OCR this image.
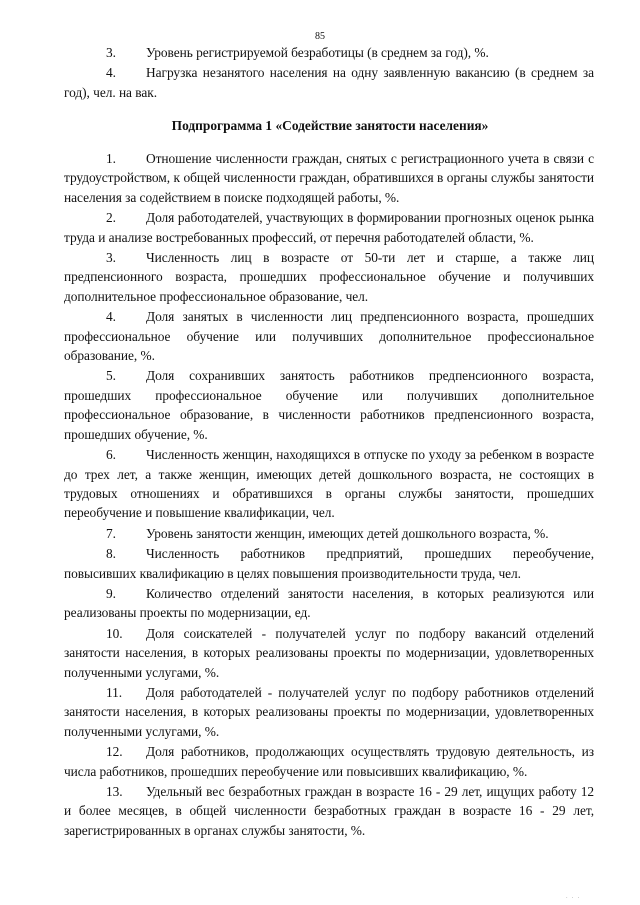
85

3. Уровень регистрируемой безработицы (в среднем за год), %.

4. Нагрузка незанятого населения на одну заявленную вакансию (в среднем за год), чел. на вак.

Подпрограмма 1 «Содействие занятости населения»

1. Отношение численности граждан, снятых с регистрационного учета в связи с трудоустройством, к общей численности граждан, обратившихся в органы службы занятости населения за содействием в поиске подходящей работы, %.

2. Доля работодателей, участвующих в формировании прогнозных оценок рынка труда и анализе востребованных профессий, от перечня работодателей области, %.

3. Численность лиц в возрасте от 50-ти лет и старше, а также лиц предпенсионного возраста, прошедших профессиональное обучение и получивших дополнительное профессиональное образование, чел.

4. Доля занятых в численности лиц предпенсионного возраста, прошедших профессиональное обучение или получивших дополнительное профессиональное образование, %.

5. Доля сохранивших занятость работников предпенсионного возраста, прошедших профессиональное обучение или получивших дополнительное профессиональное образование, в численности работников предпенсионного возраста, прошедших обучение, %.

6. Численность женщин, находящихся в отпуске по уходу за ребенком в возрасте до трех лет, а также женщин, имеющих детей дошкольного возраста, не состоящих в трудовых отношениях и обратившихся в органы службы занятости, прошедших переобучение и повышение квалификации, чел.

7. Уровень занятости женщин, имеющих детей дошкольного возраста, %.

8. Численность работников предприятий, прошедших переобучение, повысивших квалификацию в целях повышения производительности труда, чел.

9. Количество отделений занятости населения, в которых реализуются или реализованы проекты по модернизации, ед.

10. Доля соискателей - получателей услуг по подбору вакансий отделений занятости населения, в которых реализованы проекты по модернизации, удовлетворенных полученными услугами, %.

11. Доля работодателей - получателей услуг по подбору работников отделений занятости населения, в которых реализованы проекты по модернизации, удовлетворенных полученными услугами, %.

12. Доля работников, продолжающих осуществлять трудовую деятельность, из числа работников, прошедших переобучение или повысивших квалификацию, %.

13. Удельный вес безработных граждан в возрасте 16 - 29 лет, ищущих работу 12 и более месяцев, в общей численности безработных граждан в возрасте 16 - 29 лет, зарегистрированных в органах службы занятости, %.

· · ·
